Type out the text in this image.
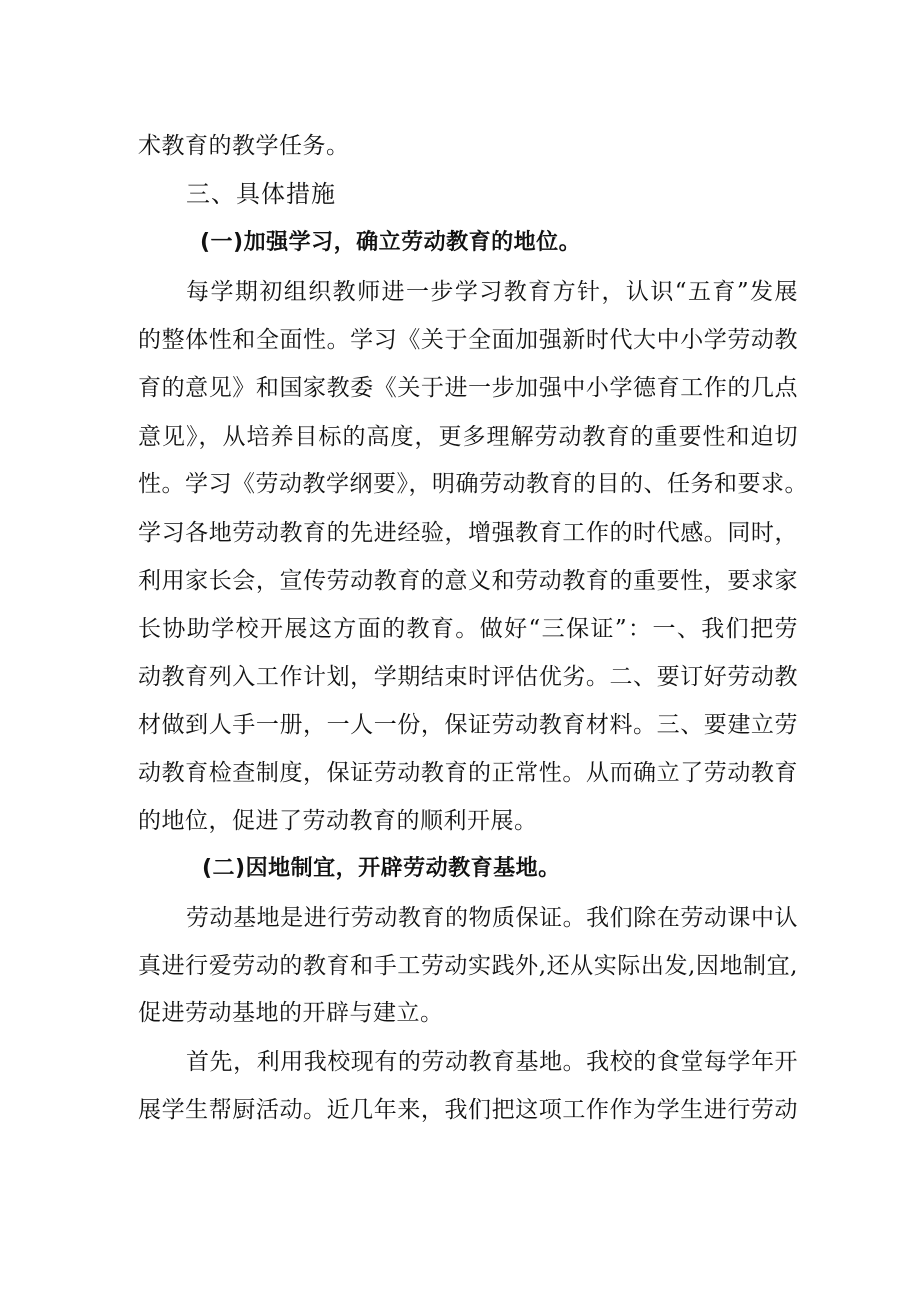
术教育的教学任务。
三、具体措施
(一)加强学习，确立劳动教育的地位。
每学期初组织教师进一步学习教育方针，认识“五育”发展
的整体性和全面性。学习《关于全面加强新时代大中小学劳动教
育的意见》和国家教委《关于进一步加强中小学德育工作的几点
意见》，从培养目标的高度，更多理解劳动教育的重要性和迫切
性。学习《劳动教学纲要》，明确劳动教育的目的、任务和要求。
学习各地劳动教育的先进经验，增强教育工作的时代感。同时，
利用家长会，宣传劳动教育的意义和劳动教育的重要性，要求家
长协助学校开展这方面的教育。做好“三保证”：一、我们把劳
动教育列入工作计划，学期结束时评估优劣。二、要订好劳动教
材做到人手一册，一人一份，保证劳动教育材料。三、要建立劳
动教育检查制度，保证劳动教育的正常性。从而确立了劳动教育
的地位，促进了劳动教育的顺利开展。
(二)因地制宜，开辟劳动教育基地。
劳动基地是进行劳动教育的物质保证。我们除在劳动课中认
真进行爱劳动的教育和手工劳动实践外,还从实际出发,因地制宜,
促进劳动基地的开辟与建立。
首先，利用我校现有的劳动教育基地。我校的食堂每学年开
展学生帮厨活动。近几年来，我们把这项工作作为学生进行劳动
